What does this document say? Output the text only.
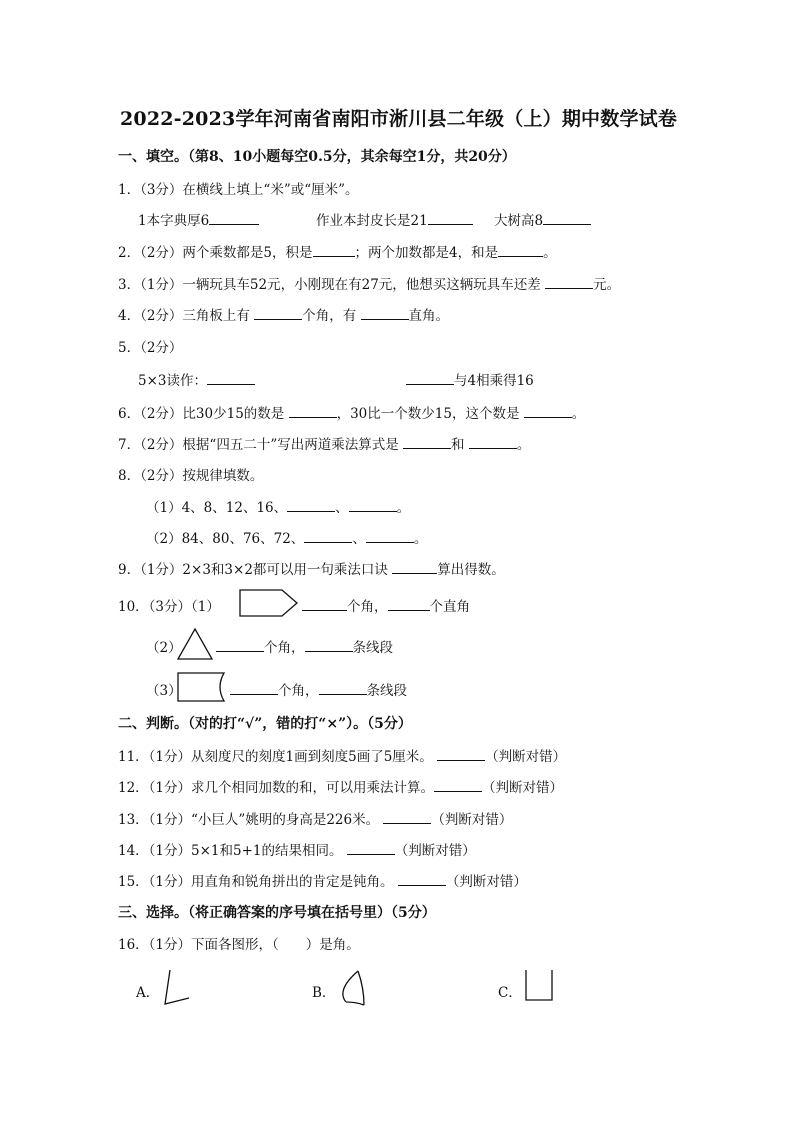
2022-2023学年河南省南阳市淅川县二年级（上）期中数学试卷
一、填空。（第8、10小题每空0.5分，其余每空1分，共20分）
1．（3分）在横线上填上“米”或“厘米”。
1本字典厚6	作业本封皮长是21	大树高8
2．（2分）两个乘数都是5，积是	；两个加数都是4，和是	。
3．（1分）一辆玩具车52元，小刚现在有27元，他想买这辆玩具车还差	元。
4．（2分）三角板上有	个角，有	直角。
5．（2分）
5×3读作：	与4相乘得16
6．（2分）比30少15的数是	，30比一个数少15，这个数是	。
7．（2分）根据“四五二十”写出两道乘法算式是	和	。
8．（2分）按规律填数。
（1）4、8、12、16、	、	。
（2）84、80、76、72、	、	。
9．（1分）2×3和3×2都可以用一句乘法口诀	算出得数。
10．（3分）（1）	个角，	个直角
（2）	个角，	条线段
（3）	个角，	条线段
二、判断。（对的打“√”，错的打“×”）。（5分）
11．（1分）从刻度尺的刻度1画到刻度5画了5厘米。	（判断对错）
12．（1分）求几个相同加数的和，可以用乘法计算。	（判断对错）
13．（1分）“小巨人”姚明的身高是226米。	（判断对错）
14．（1分）5×1和5+1的结果相同。	（判断对错）
15．（1分）用直角和锐角拼出的肯定是钝角。	（判断对错）
三、选择。（将正确答案的序号填在括号里）（5分）
16．（1分）下面各图形，（　　）是角。
A．	B．	C．
